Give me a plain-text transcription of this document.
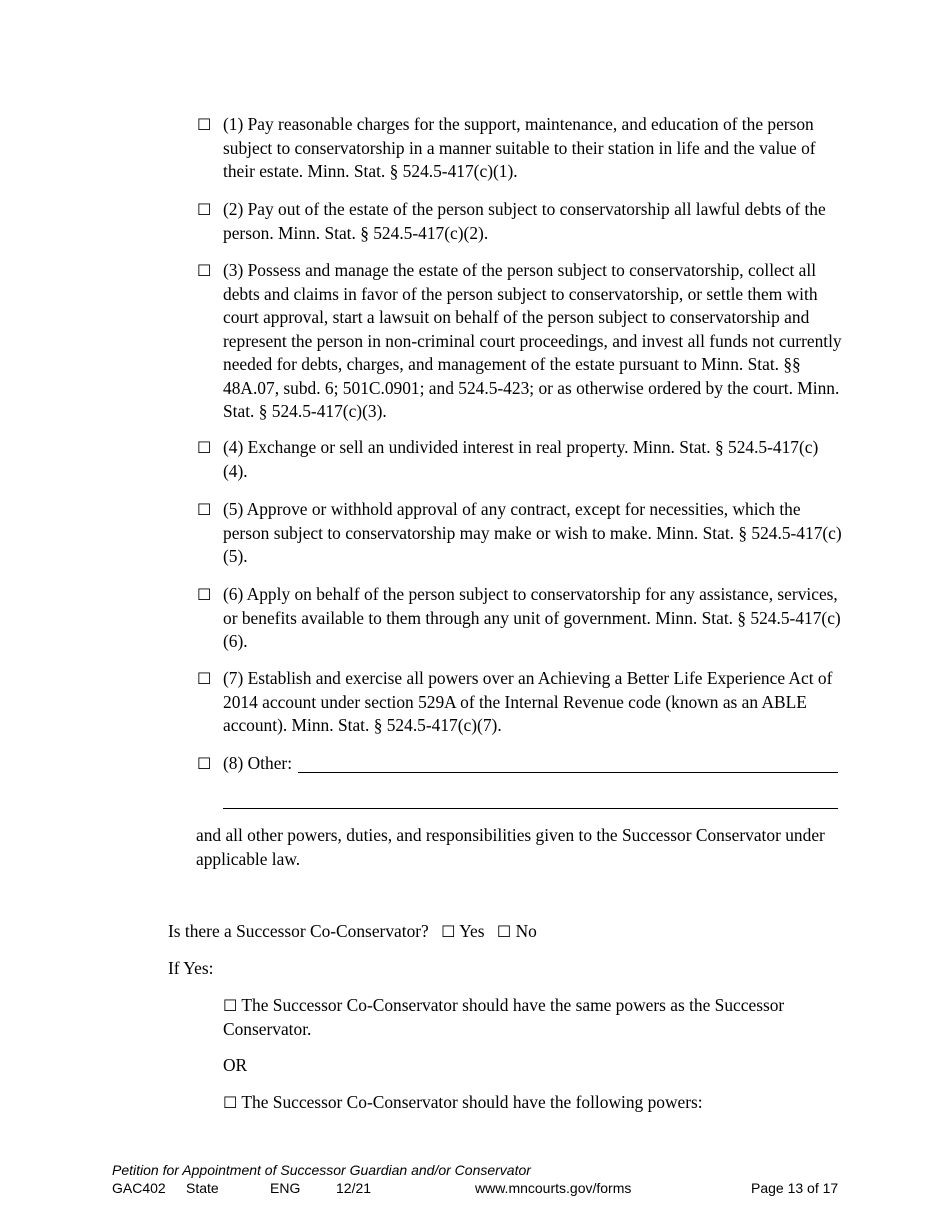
☐ (1) Pay reasonable charges for the support, maintenance, and education of the person subject to conservatorship in a manner suitable to their station in life and the value of their estate. Minn. Stat. § 524.5-417(c)(1).
☐ (2) Pay out of the estate of the person subject to conservatorship all lawful debts of the person. Minn. Stat. § 524.5-417(c)(2).
☐ (3) Possess and manage the estate of the person subject to conservatorship, collect all debts and claims in favor of the person subject to conservatorship, or settle them with court approval, start a lawsuit on behalf of the person subject to conservatorship and represent the person in non-criminal court proceedings, and invest all funds not currently needed for debts, charges, and management of the estate pursuant to Minn. Stat. §§ 48A.07, subd. 6; 501C.0901; and 524.5-423; or as otherwise ordered by the court. Minn. Stat. § 524.5-417(c)(3).
☐ (4) Exchange or sell an undivided interest in real property. Minn. Stat. § 524.5-417(c)(4).
☐ (5) Approve or withhold approval of any contract, except for necessities, which the person subject to conservatorship may make or wish to make. Minn. Stat. § 524.5-417(c)(5).
☐ (6) Apply on behalf of the person subject to conservatorship for any assistance, services, or benefits available to them through any unit of government. Minn. Stat. § 524.5-417(c)(6).
☐ (7) Establish and exercise all powers over an Achieving a Better Life Experience Act of 2014 account under section 529A of the Internal Revenue code (known as an ABLE account). Minn. Stat. § 524.5-417(c)(7).
☐ (8) Other:
and all other powers, duties, and responsibilities given to the Successor Conservator under applicable law.
Is there a Successor Co-Conservator? ☐ Yes ☐ No
If Yes:
☐ The Successor Co-Conservator should have the same powers as the Successor Conservator.
OR
☐ The Successor Co-Conservator should have the following powers:
Petition for Appointment of Successor Guardian and/or Conservator
GAC402 State	ENG	12/21	www.mncourts.gov/forms	Page 13 of 17
